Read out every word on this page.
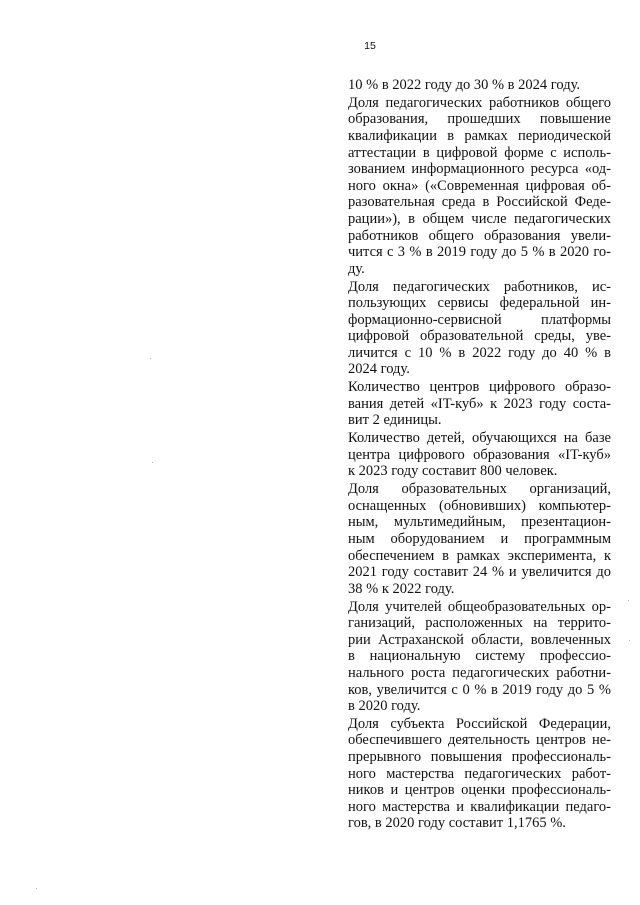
15
10 % в 2022 году до 30 % в 2024 году.
Доля педагогических работников общего
образования, прошедших повышение
квалификации в рамках периодической
аттестации в цифровой форме с исполь-
зованием информационного ресурса «од-
ного окна» («Современная цифровая об-
разовательная среда в Российской Феде-
рации»), в общем числе педагогических
работников общего образования увели-
чится с 3 % в 2019 году до 5 % в 2020 го-
ду.
Доля педагогических работников, ис-
пользующих сервисы федеральной ин-
формационно-сервисной платформы
цифровой образовательной среды, уве-
личится с 10 % в 2022 году до 40 % в
2024 году.
Количество центров цифрового образо-
вания детей «IT-куб» к 2023 году соста-
вит 2 единицы.
Количество детей, обучающихся на базе
центра цифрового образования «IT-куб»
к 2023 году составит 800 человек.
Доля образовательных организаций,
оснащенных (обновивших) компьютер-
ным, мультимедийным, презентацион-
ным оборудованием и программным
обеспечением в рамках эксперимента, к
2021 году составит 24 % и увеличится до
38 % к 2022 году.
Доля учителей общеобразовательных ор-
ганизаций, расположенных на террито-
рии Астраханской области, вовлеченных
в национальную систему профессио-
нального роста педагогических работни-
ков, увеличится с 0 % в 2019 году до 5 %
в 2020 году.
Доля субъекта Российской Федерации,
обеспечившего деятельность центров не-
прерывного повышения профессиональ-
ного мастерства педагогических работ-
ников и центров оценки профессиональ-
ного мастерства и квалификации педаго-
гов, в 2020 году составит 1,1765 %.
